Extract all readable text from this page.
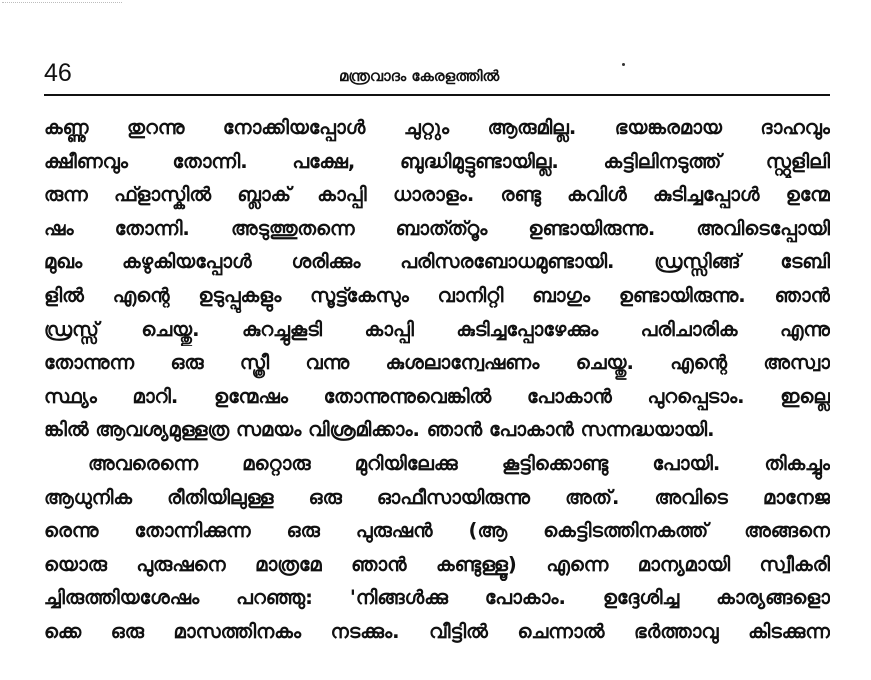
46	മന്ത്രവാദം കേരളത്തിൽ
കണ്ണു തുറന്നു നോക്കിയപ്പോൾ ചുറ്റും ആരുമില്ല. ഭയങ്കരമായ ദാഹവും
ക്ഷീണവും തോന്നി. പക്ഷേ, ബുദ്ധിമുട്ടുണ്ടായില്ല. കട്ടിലിനടുത്ത് സ്റ്റൂളിലി
രുന്ന ഫ്ളാസ്കിൽ ബ്ലാക് കാപ്പി ധാരാളം. രണ്ടു കവിൾ കുടിച്ചപ്പോൾ ഉന്മേ
ഷം തോന്നി. അടുത്തുതന്നെ ബാത്ത്റൂം ഉണ്ടായിരുന്നു. അവിടെപ്പോയി
മുഖം കഴുകിയപ്പോൾ ശരിക്കും പരിസരബോധമുണ്ടായി. ഡ്രസ്സിങ്ങ് ടേബി
ളിൽ എന്റെ ഉടുപ്പുകളും സൂട്ട്കേസും വാനിറ്റി ബാഗും ഉണ്ടായിരുന്നു. ഞാൻ
ഡ്രസ്സ് ചെയ്തു. കുറച്ചുകൂടി കാപ്പി കുടിച്ചപ്പോഴേക്കും പരിചാരിക എന്നു
തോന്നുന്ന ഒരു സ്ത്രീ വന്നു കുശലാന്വേഷണം ചെയ്തു. എന്റെ അസ്വാ
സ്ഥ്യം മാറി. ഉന്മേഷം തോന്നുന്നുവെങ്കിൽ പോകാൻ പുറപ്പെടാം. ഇല്ലെ
ങ്കിൽ ആവശ്യമുള്ളത്ര സമയം വിശ്രമിക്കാം. ഞാൻ പോകാൻ സന്നദ്ധയായി.
അവരെന്നെ മറ്റൊരു മുറിയിലേക്കു കൂട്ടിക്കൊണ്ടു പോയി. തികച്ചും
ആധുനിക രീതിയിലുള്ള ഒരു ഓഫീസായിരുന്നു അത്. അവിടെ മാനേജ
രെന്നു തോന്നിക്കുന്ന ഒരു പുരുഷൻ (ആ കെട്ടിടത്തിനകത്ത് അങ്ങനെ
യൊരു പുരുഷനെ മാത്രമേ ഞാൻ കണ്ടുള്ളൂ) എന്നെ മാന്യമായി സ്വീകരി
ച്ചിരുത്തിയശേഷം പറഞ്ഞു: 'നിങ്ങൾക്കു പോകാം. ഉദ്ദേശിച്ച കാര്യങ്ങളൊ
ക്കെ ഒരു മാസത്തിനകം നടക്കും. വീട്ടിൽ ചെന്നാൽ ഭർത്താവു കിടക്കുന്ന
